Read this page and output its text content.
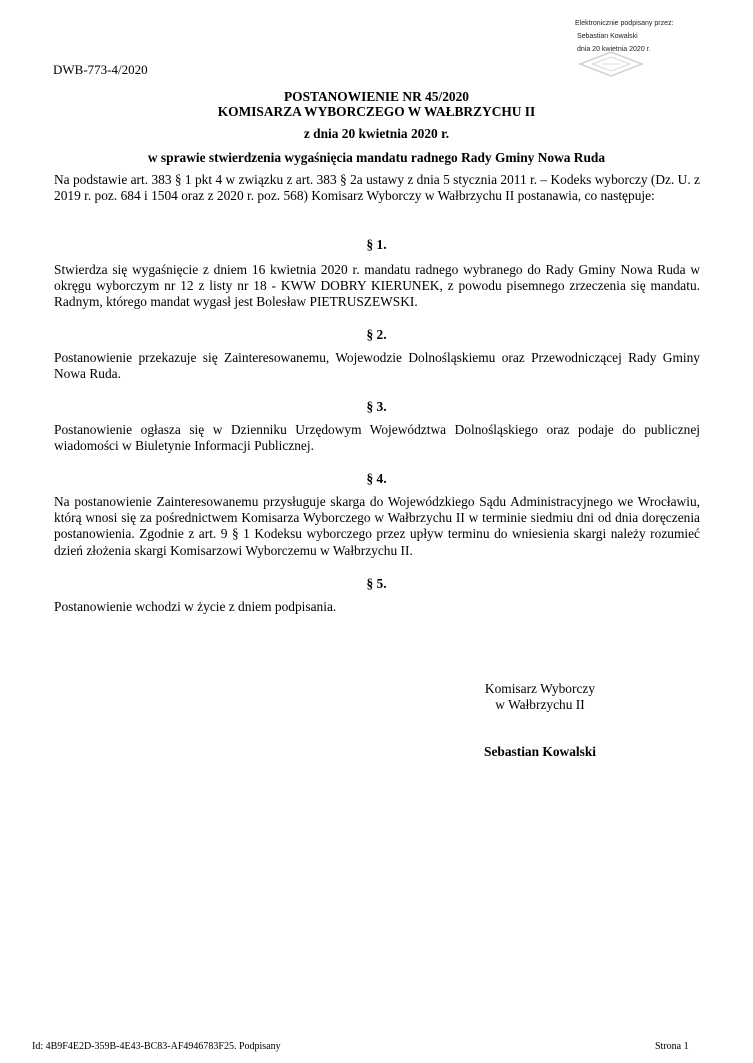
Elektronicznie podpisany przez:
Sebastian Kowalski
dnia 20 kwietnia 2020 r.
DWB-773-4/2020
POSTANOWIENIE NR 45/2020
KOMISARZA WYBORCZEGO W WAŁBRZYCHU II
z dnia 20 kwietnia 2020 r.
w sprawie stwierdzenia wygaśnięcia mandatu radnego Rady Gminy Nowa Ruda
Na podstawie art. 383 § 1 pkt 4 w związku z art. 383 § 2a ustawy z dnia 5 stycznia 2011 r. – Kodeks wyborczy (Dz. U. z 2019 r. poz. 684 i 1504 oraz z 2020 r. poz. 568) Komisarz Wyborczy w Wałbrzychu II postanawia, co następuje:
§ 1.
Stwierdza się wygaśnięcie z dniem 16 kwietnia 2020 r. mandatu radnego wybranego do Rady Gminy Nowa Ruda w okręgu wyborczym nr 12 z listy nr 18 - KWW DOBRY KIERUNEK, z powodu pisemnego zrzeczenia się mandatu. Radnym, którego mandat wygasł jest Bolesław PIETRUSZEWSKI.
§ 2.
Postanowienie przekazuje się Zainteresowanemu, Wojewodzie Dolnośląskiemu oraz Przewodniczącej Rady Gminy Nowa Ruda.
§ 3.
Postanowienie ogłasza się w Dzienniku Urzędowym Województwa Dolnośląskiego oraz podaje do publicznej wiadomości w Biuletynie Informacji Publicznej.
§ 4.
Na postanowienie Zainteresowanemu przysługuje skarga do Wojewódzkiego Sądu Administracyjnego we Wrocławiu, którą wnosi się za pośrednictwem Komisarza Wyborczego w Wałbrzychu II w terminie siedmiu dni od dnia doręczenia postanowienia. Zgodnie z art. 9 § 1 Kodeksu wyborczego przez upływ terminu do wniesienia skargi należy rozumieć dzień złożenia skargi Komisarzowi Wyborczemu w Wałbrzychu II.
§ 5.
Postanowienie wchodzi w życie z dniem podpisania.
Komisarz Wyborczy
w Wałbrzychu II
Sebastian Kowalski
Id: 4B9F4E2D-359B-4E43-BC83-AF4946783F25. Podpisany	Strona 1
